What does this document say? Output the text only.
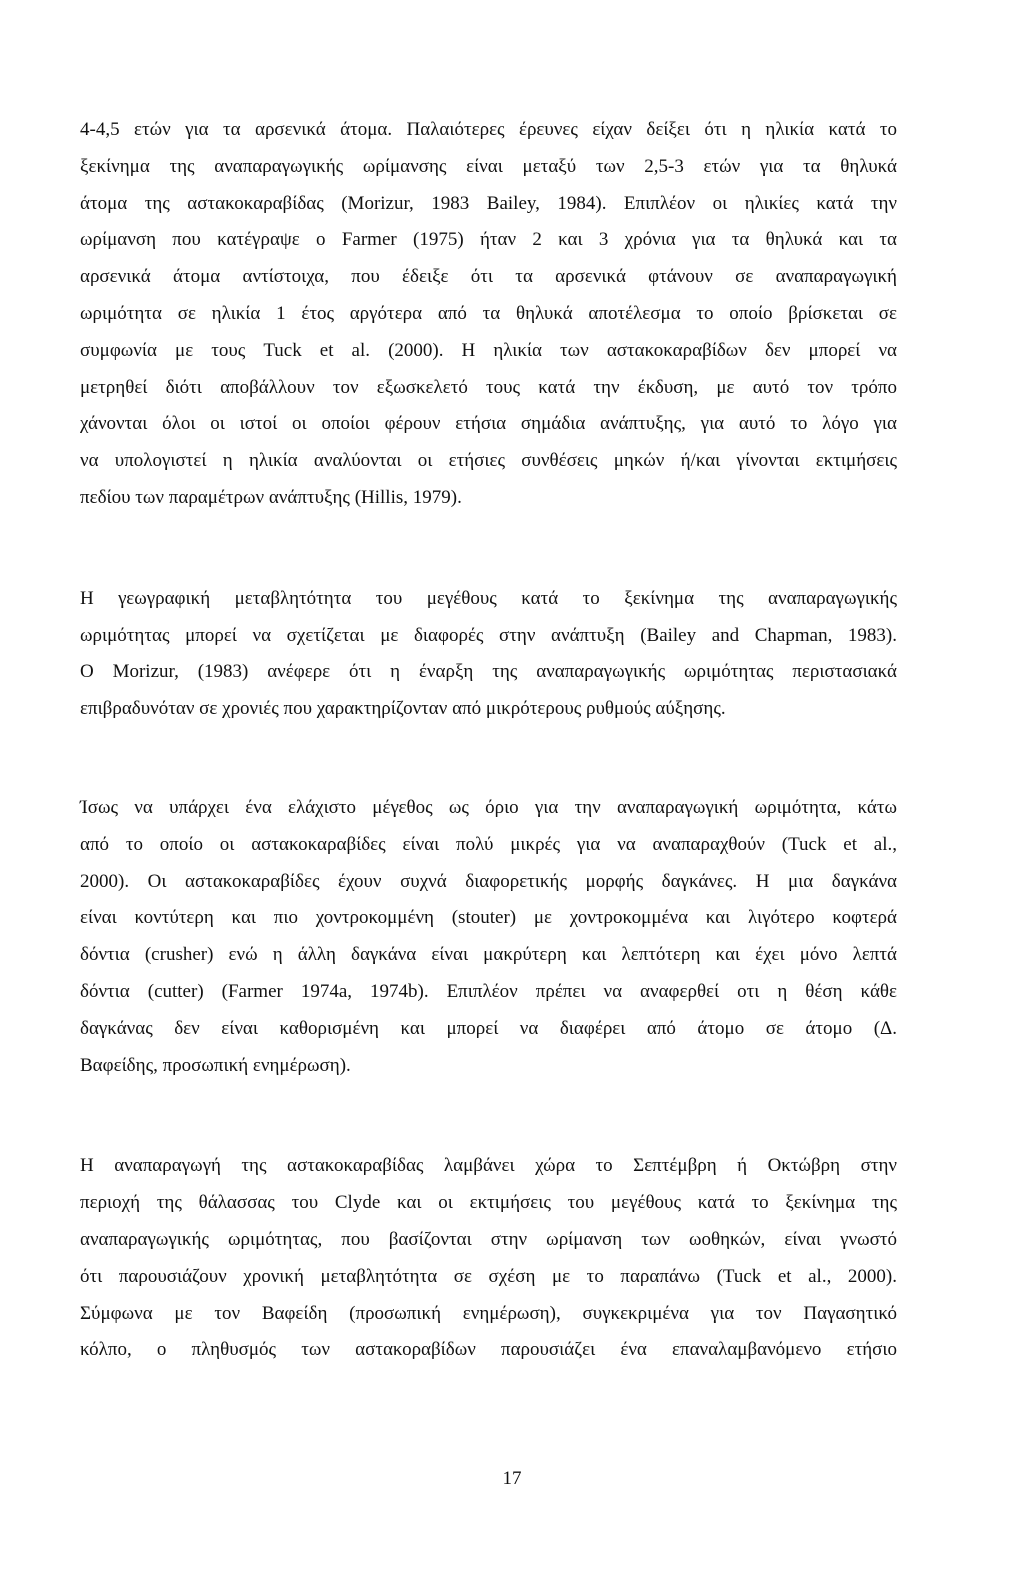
4-4,5 ετών για τα αρσενικά άτομα. Παλαιότερες έρευνες είχαν δείξει ότι η ηλικία κατά το
ξεκίνημα της αναπαραγωγικής ωρίμανσης είναι μεταξύ των 2,5-3 ετών για τα θηλυκά
άτομα της αστακοκαραβίδας (Morizur, 1983 Bailey, 1984). Επιπλέον οι ηλικίες κατά την
ωρίμανση που κατέγραψε ο Farmer (1975) ήταν 2 και 3 χρόνια για τα θηλυκά και τα
αρσενικά άτομα αντίστοιχα, που έδειξε ότι τα αρσενικά φτάνουν σε αναπαραγωγική
ωριμότητα σε ηλικία 1 έτος αργότερα από τα θηλυκά αποτέλεσμα το οποίο βρίσκεται σε
συμφωνία με τους Tuck et al. (2000). Η ηλικία των αστακοκαραβίδων δεν μπορεί να
μετρηθεί διότι αποβάλλουν τον εξωσκελετό τους κατά την έκδυση, με αυτό τον τρόπο
χάνονται όλοι οι ιστοί οι οποίοι φέρουν ετήσια σημάδια ανάπτυξης, για αυτό το λόγο για
να υπολογιστεί η ηλικία αναλύονται οι ετήσιες συνθέσεις μηκών ή/και γίνονται εκτιμήσεις
πεδίου των παραμέτρων ανάπτυξης (Hillis, 1979).
Η γεωγραφική μεταβλητότητα του μεγέθους κατά το ξεκίνημα της αναπαραγωγικής
ωριμότητας μπορεί να σχετίζεται με διαφορές στην ανάπτυξη (Bailey and Chapman, 1983).
Ο Morizur, (1983) ανέφερε ότι η έναρξη της αναπαραγωγικής ωριμότητας περιστασιακά
επιβραδυνόταν σε χρονιές που χαρακτηρίζονταν από μικρότερους ρυθμούς αύξησης.
Ίσως να υπάρχει ένα ελάχιστο μέγεθος ως όριο για την αναπαραγωγική ωριμότητα, κάτω
από το οποίο οι αστακοκαραβίδες είναι πολύ μικρές για να αναπαραχθούν (Tuck et al.,
2000). Οι αστακοκαραβίδες έχουν συχνά διαφορετικής μορφής δαγκάνες. Η μια δαγκάνα
είναι κοντύτερη και πιο χοντροκομμένη (stouter) με χοντροκομμένα και λιγότερο κοφτερά
δόντια (crusher) ενώ η άλλη δαγκάνα είναι μακρύτερη και λεπτότερη και έχει μόνο λεπτά
δόντια (cutter) (Farmer 1974a, 1974b). Επιπλέον πρέπει να αναφερθεί οτι η θέση κάθε
δαγκάνας δεν είναι καθορισμένη και μπορεί να διαφέρει από άτομο σε άτομο (Δ.
Βαφείδης, προσωπική ενημέρωση).
Η αναπαραγωγή της αστακοκαραβίδας λαμβάνει χώρα το Σεπτέμβρη ή Οκτώβρη στην
περιοχή της θάλασσας του Clyde και οι εκτιμήσεις του μεγέθους κατά το ξεκίνημα της
αναπαραγωγικής ωριμότητας, που βασίζονται στην ωρίμανση των ωοθηκών, είναι γνωστό
ότι παρουσιάζουν χρονική μεταβλητότητα σε σχέση με το παραπάνω (Tuck et al., 2000).
Σύμφωνα με τον Βαφείδη (προσωπική ενημέρωση), συγκεκριμένα για τον Παγασητικό
κόλπο, ο πληθυσμός των αστακοραβίδων παρουσιάζει ένα επαναλαμβανόμενο ετήσιο
17
